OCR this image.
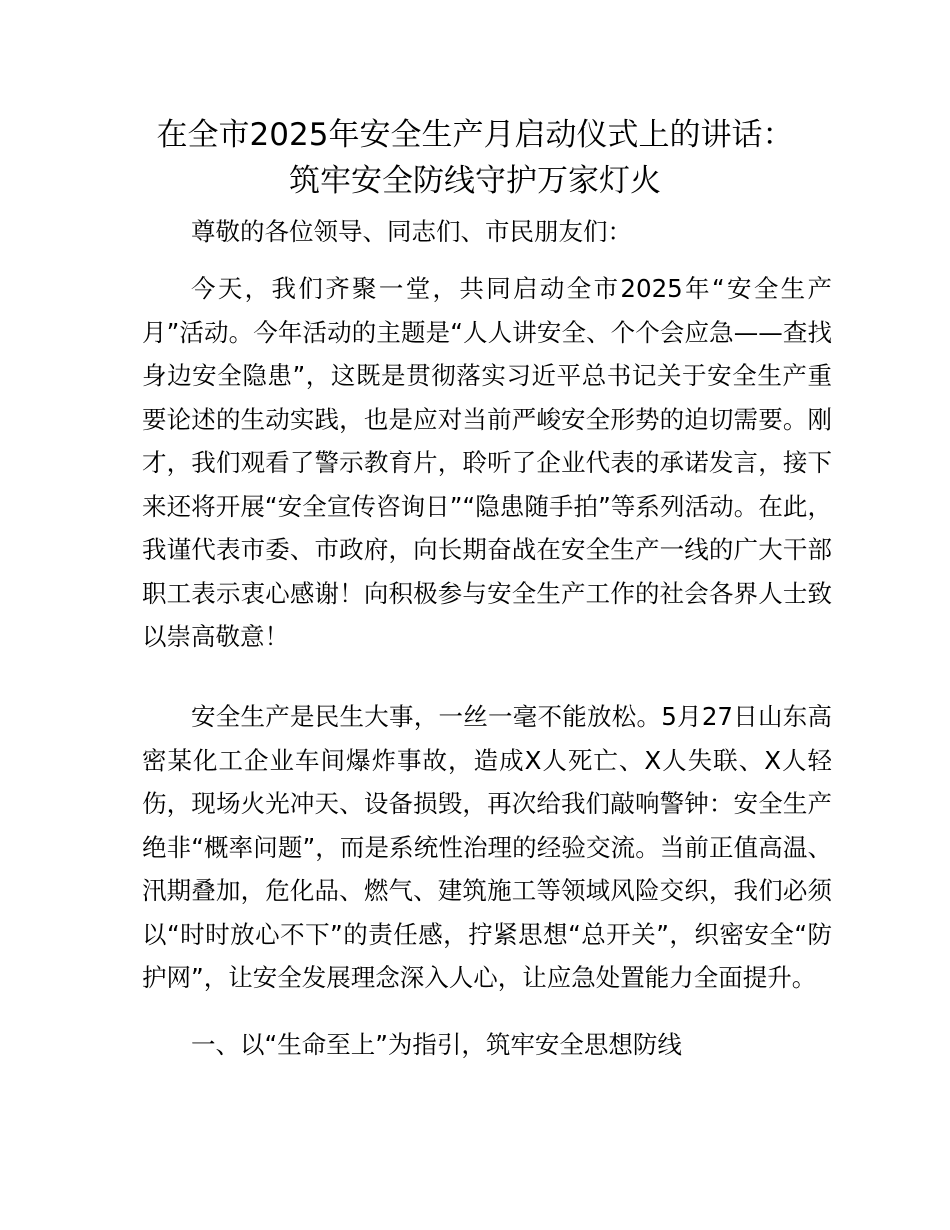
在全市2025年安全生产月启动仪式上的讲话：
筑牢安全防线守护万家灯火

尊敬的各位领导、同志们、市民朋友们：

今天，我们齐聚一堂，共同启动全市2025年“安全生产月”活动。今年活动的主题是“人人讲安全、个个会应急——查找身边安全隐患”，这既是贯彻落实习近平总书记关于安全生产重要论述的生动实践，也是应对当前严峻安全形势的迫切需要。刚才，我们观看了警示教育片，聆听了企业代表的承诺发言，接下来还将开展“安全宣传咨询日”“隐患随手拍”等系列活动。在此，我谨代表市委、市政府，向长期奋战在安全生产一线的广大干部职工表示衷心感谢！向积极参与安全生产工作的社会各界人士致以崇高敬意！

安全生产是民生大事，一丝一毫不能放松。5月27日山东高密某化工企业车间爆炸事故，造成X人死亡、X人失联、X人轻伤，现场火光冲天、设备损毁，再次给我们敲响警钟：安全生产绝非“概率问题”，而是系统性治理的经验交流。当前正值高温、汛期叠加，危化品、燃气、建筑施工等领域风险交织，我们必须以“时时放心不下”的责任感，拧紧思想“总开关”，织密安全“防护网”，让安全发展理念深入人心，让应急处置能力全面提升。

一、以“生命至上”为指引，筑牢安全思想防线
